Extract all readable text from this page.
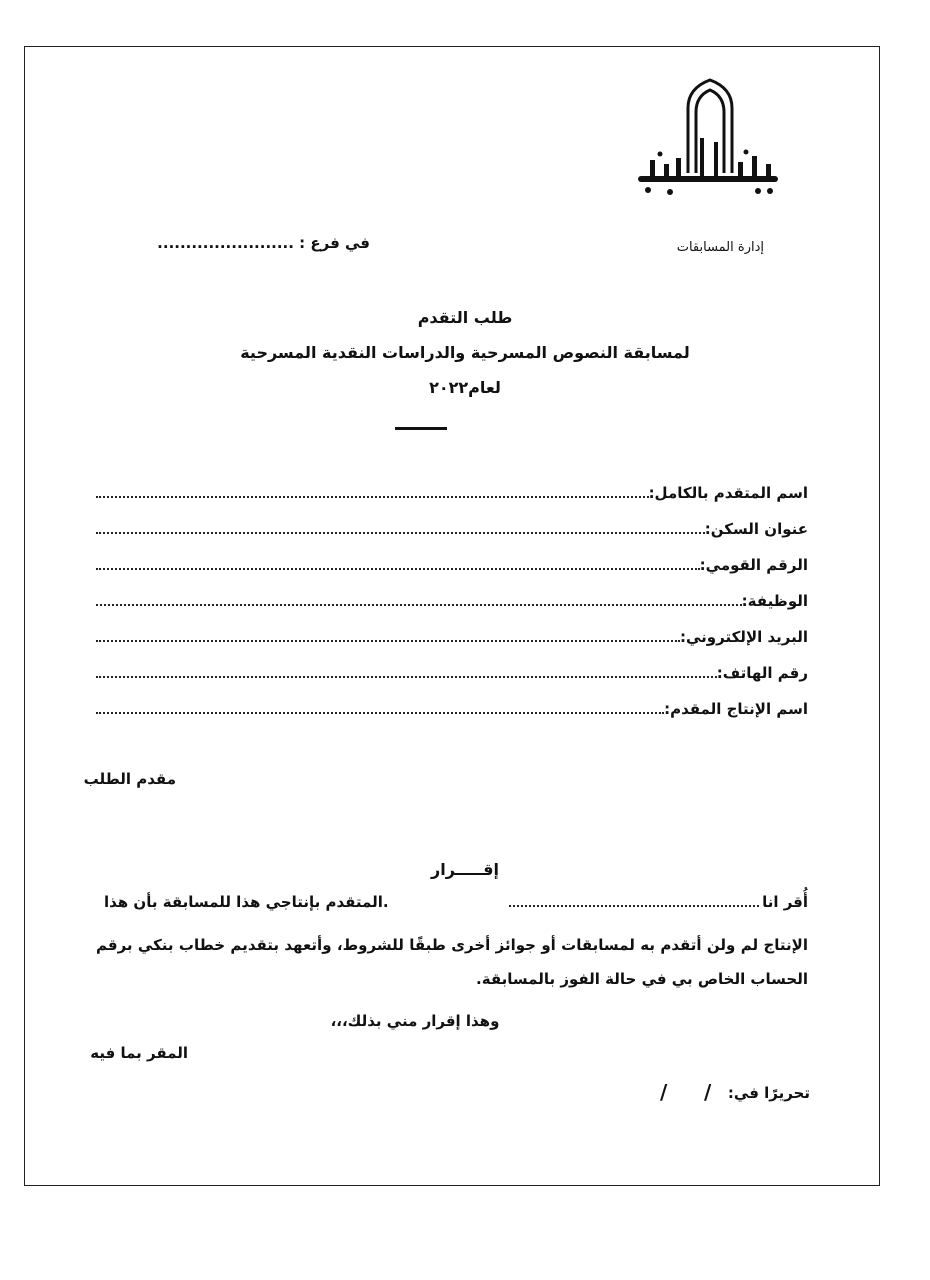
إدارة المسابقات
في فرع : ........................
طلب التقدم
لمسابقة النصوص المسرحية والدراسات النقدية المسرحية
لعام٢٠٢٢
اسم المتقدم بالكامل:
عنوان السكن:
الرقم القومي:
الوظيفة:
البريد الإلكتروني:
رقم الهاتف:
اسم الإنتاج المقدم:
مقدم الطلب
إقـــــرار
أُقر انا
.المتقدم بإنتاجي هذا للمسابقة بأن هذا
الإنتاج لم ولن أتقدم به لمسابقات أو جوائز أخرى طبقًا للشروط، وأتعهد بتقديم خطاب بنكي برقم الحساب الخاص بي في حالة الفوز بالمسابقة.
وهذا إقرار مني بذلك،،،
المقر بما فيه
تحريرًا في:
/
/
